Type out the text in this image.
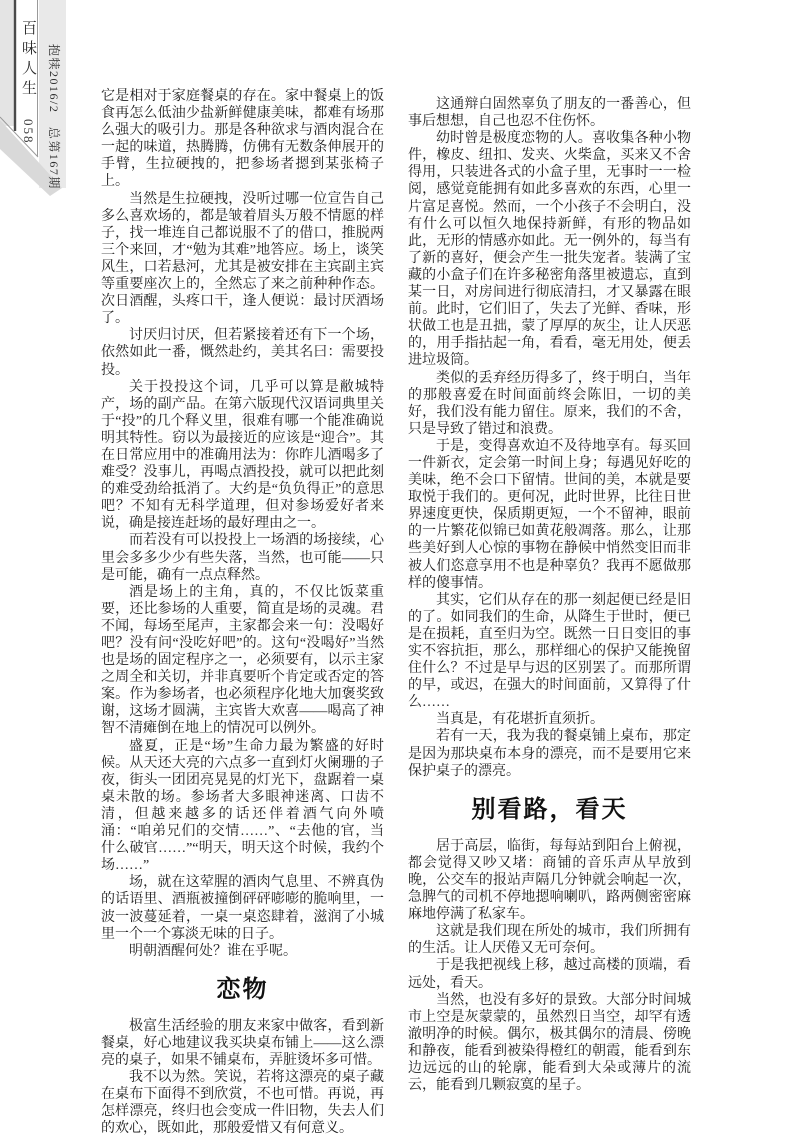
百味人生 058 抱犊2016/2　总第167期	它是相对于家庭餐桌的存在。家中餐桌上的饭食再怎么低油少盐新鲜健康美味，都难有场那么强大的吸引力。那是各种欲求与酒肉混合在一起的味道，热腾腾，仿佛有无数条伸展开的手臂，生拉硬拽的，把参场者摁到某张椅子上。

当然是生拉硬拽，没听过哪一位宣告自己多么喜欢场的，都是皱着眉头万般不情愿的样子，找一堆连自己都说服不了的借口，推脱两三个来回，才“勉为其难”地答应。场上，谈笑风生，口若悬河，尤其是被安排在主宾副主宾等重要座次上的，全然忘了来之前种种作态。次日酒醒，头疼口干，逢人便说：最讨厌酒场了。

讨厌归讨厌，但若紧接着还有下一个场，依然如此一番，慨然赴约，美其名曰：需要投投。

关于投投这个词，几乎可以算是敝城特产，场的副产品。在第六版现代汉语词典里关于“投”的几个释义里，很难有哪一个能准确说明其特性。窃以为最接近的应该是“迎合”。其在日常应用中的准确用法为：你昨儿酒喝多了难受？没事儿，再喝点酒投投，就可以把此刻的难受劲给抵消了。大约是“负负得正”的意思吧？不知有无科学道理，但对参场爱好者来说，确是接连赶场的最好理由之一。

而若没有可以投投上一场酒的场接续，心里会多多少少有些失落，当然，也可能——只是可能，确有一点点释然。

酒是场上的主角，真的，不仅比饭菜重要，还比参场的人重要，简直是场的灵魂。君不闻，每场至尾声，主家都会来一句：没喝好吧？没有问“没吃好吧”的。这句“没喝好”当然也是场的固定程序之一，必须要有，以示主家之周全和关切，并非真要听个肯定或否定的答案。作为参场者，也必须程序化地大加褒奖致谢，这场才圆满，主宾皆大欢喜——喝高了神智不清瘫倒在地上的情况可以例外。

盛夏，正是“场”生命力最为繁盛的好时候。从天还大亮的六点多一直到灯火阑珊的子夜，街头一团团亮晃晃的灯光下，盘踞着一桌桌未散的场。参场者大多眼神迷离、口齿不清，但越来越多的话还伴着酒气向外喷涌：“咱弟兄们的交情……”、“去他的官，当什么破官……”“明天，明天这个时候，我约个场……”

场，就在这荤腥的酒肉气息里、不辨真伪的话语里、酒瓶被撞倒砰砰嘭嘭的脆响里，一波一波蔓延着，一桌一桌恣肆着，滋润了小城里一个一个寡淡无味的日子。

明朝酒醒何处？谁在乎呢。

恋物

极富生活经验的朋友来家中做客，看到新餐桌，好心地建议我买块桌布铺上——这么漂亮的桌子，如果不铺桌布，弄脏烫坏多可惜。

我不以为然。笑说，若将这漂亮的桌子藏在桌布下面得不到欣赏，不也可惜。再说，再怎样漂亮，终归也会变成一件旧物，失去人们的欢心，既如此，那般爱惜又有何意义。

这通辩白固然辜负了朋友的一番善心，但事后想想，自己也忍不住伤怀。

幼时曾是极度恋物的人。喜收集各种小物件，橡皮、纽扣、发夹、火柴盒，买来又不舍得用，只装进各式的小盒子里，无事时一一检阅，感觉竟能拥有如此多喜欢的东西，心里一片富足喜悦。然而，一个小孩子不会明白，没有什么可以恒久地保持新鲜，有形的物品如此，无形的情感亦如此。无一例外的，每当有了新的喜好，便会产生一批失宠者。装满了宝藏的小盒子们在许多秘密角落里被遗忘，直到某一日，对房间进行彻底清扫，才又暴露在眼前。此时，它们旧了，失去了光鲜、香味，形状做工也是丑拙，蒙了厚厚的灰尘，让人厌恶的，用手指拈起一角，看看，毫无用处，便丢进垃圾筒。

类似的丢弃经历得多了，终于明白，当年的那般喜爱在时间面前终会陈旧，一切的美好，我们没有能力留住。原来，我们的不舍，只是导致了错过和浪费。

于是，变得喜欢迫不及待地享有。每买回一件新衣，定会第一时间上身；每遇见好吃的美味，绝不会口下留情。世间的美，本就是要取悦于我们的。更何况，此时世界，比往日世界速度更快，保质期更短，一个不留神，眼前的一片繁花似锦已如黄花般凋落。那么，让那些美好到人心惊的事物在静候中悄然变旧而非被人们恣意享用不也是种辜负？我再不愿做那样的傻事情。

其实，它们从存在的那一刻起便已经是旧的了。如同我们的生命，从降生于世时，便已是在损耗，直至归为空。既然一日日变旧的事实不容抗拒，那么，那样细心的保护又能挽留住什么？不过是早与迟的区别罢了。而那所谓的早，或迟，在强大的时间面前，又算得了什么……

当真是，有花堪折直须折。

若有一天，我为我的餐桌铺上桌布，那定是因为那块桌布本身的漂亮，而不是要用它来保护桌子的漂亮。

别看路，看天

居于高层，临街，每每站到阳台上俯视，都会觉得又吵又堵：商铺的音乐声从早放到晚，公交车的报站声隔几分钟就会响起一次，急脾气的司机不停地摁响喇叭，路两侧密密麻麻地停满了私家车。

这就是我们现在所处的城市，我们所拥有的生活。让人厌倦又无可奈何。

于是我把视线上移，越过高楼的顶端，看远处，看天。

当然，也没有多好的景致。大部分时间城市上空是灰蒙蒙的，虽然烈日当空，却罕有透澈明净的时候。偶尔，极其偶尔的清晨、傍晚和静夜，能看到被染得橙红的朝霞，能看到东边远远的山的轮廓，能看到大朵或薄片的流云，能看到几颗寂寞的星子。
